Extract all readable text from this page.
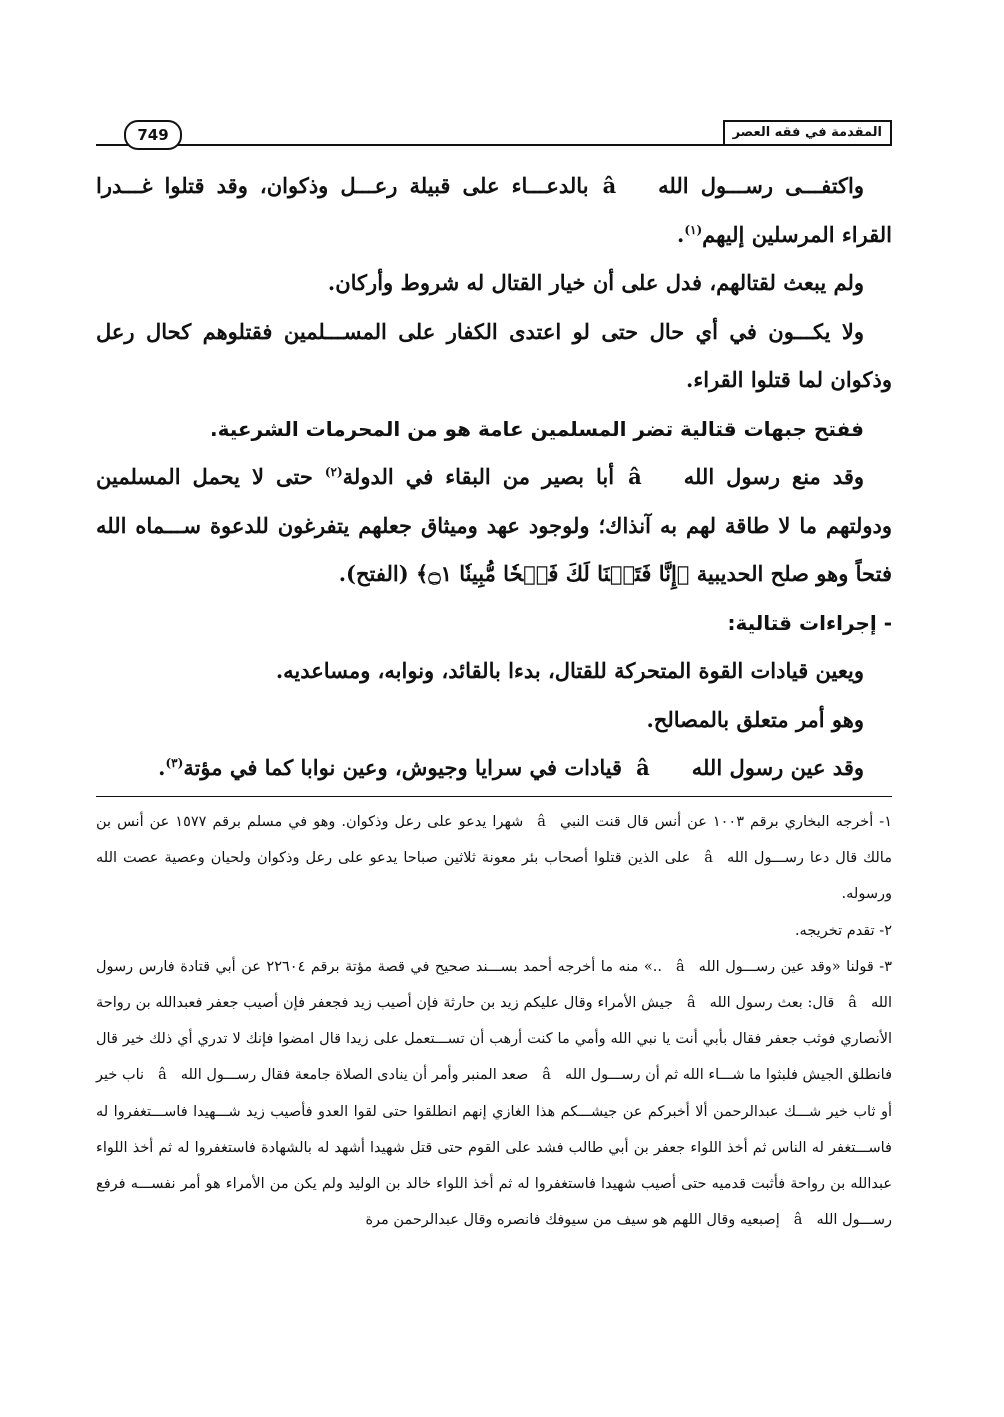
المقدمة في فقه العصر
749

واكتفـــى رســـول اللهâبالدعـــاء على قبيلة رعـــل وذكوان، وقد قتلوا غـــدرا القراء المرسلين إليهم$^{(١)}$.

ولم يبعث لقتالهم، فدل على أن خيار القتال له شروط وأركان.

ولا يكـــون في أي حال حتى لو اعتدى الكفار على المســـلمين فقتلوهم كحال رعل وذكوان لما قتلوا القراء.

ففتح جبهات قتالية تضر المسلمين عامة هو من المحرمات الشرعية.

وقد منع رسول اللهâأبا بصير من البقاء في الدولة$^{(٢)}$ حتى لا يحمل المسلمين ودولتهم ما لا طاقة لهم به آنذاك؛ ولوجود عهد وميثاق جعلهم يتفرغون للدعوة ســـماه الله فتحاً وهو صلح الحديبية ﴿إِنَّا فَتَحۡنَا لَكَ فَتۡحٗا مُّبِينٗا ۝١﴾ (الفتح).

- إجراءات قتالية:

ويعين قيادات القوة المتحركة للقتال، بدءا بالقائد، ونوابه، ومساعديه.

وهو أمر متعلق بالمصالح.

وقد عين رسول اللهâقيادات في سرايا وجيوش، وعين نوابا كما في مؤتة$^{(٣)}$.

١- أخرجه البخاري برقم ١٠٠٣ عن أنس قال قنت النبيâشهرا يدعو على رعل وذكوان. وهو في مسلم برقم ١٥٧٧ عن أنس بن مالك قال دعا رســـول اللهâعلى الذين قتلوا أصحاب بئر معونة ثلاثين صباحا يدعو على رعل وذكوان ولحيان وعصية عصت الله ورسوله.

٢- تقدم تخريجه.

٣- قولنا «وقد عين رســـول اللهâ..» منه ما أخرجه أحمد بســـند صحيح في قصة مؤتة برقم ٢٢٦٠٤ عن أبي قتادة فارس رسول اللهâقال: بعث رسول اللهâجيش الأمراء وقال عليكم زيد بن حارثة فإن أصيب زيد فجعفر فإن أصيب جعفر فعبدالله بن رواحة الأنصاري فوثب جعفر فقال بأبي أنت يا نبي الله وأمي ما كنت أرهب أن تســـتعمل على زيدا قال امضوا فإنك لا تدري أي ذلك خير قال فانطلق الجيش فلبثوا ما شـــاء الله ثم أن رســـول اللهâصعد المنبر وأمر أن ينادى الصلاة جامعة فقال رســـول اللهâناب خير أو ثاب خير شـــك عبدالرحمن ألا أخبركم عن جيشـــكم هذا الغازي إنهم انطلقوا حتى لقوا العدو فأصيب زيد شـــهيدا فاســـتغفروا له فاســـتغفر له الناس ثم أخذ اللواء جعفر بن أبي طالب فشد على القوم حتى قتل شهيدا أشهد له بالشهادة فاستغفروا له ثم أخذ اللواء عبدالله بن رواحة فأثبت قدميه حتى أصيب شهيدا فاستغفروا له ثم أخذ اللواء خالد بن الوليد ولم يكن من الأمراء هو أمر نفســـه فرفع رســـول اللهâإصبعيه وقال اللهم هو سيف من سيوفك فانصره وقال عبدالرحمن مرة
